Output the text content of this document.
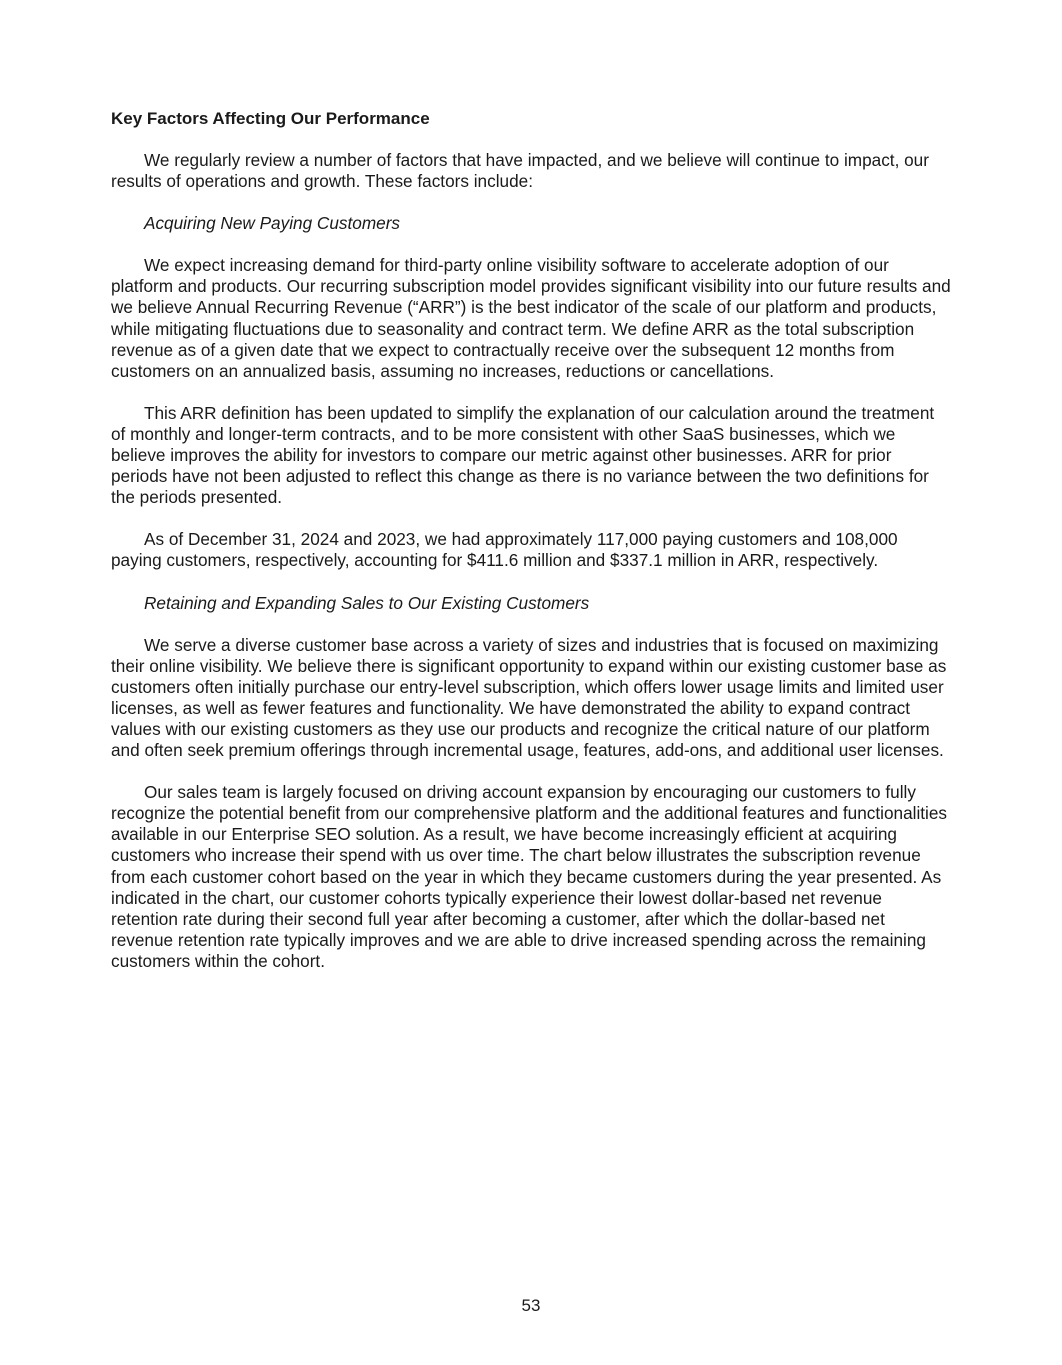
Key Factors Affecting Our Performance

We regularly review a number of factors that have impacted, and we believe will continue to impact, our results of operations and growth. These factors include:

Acquiring New Paying Customers

We expect increasing demand for third-party online visibility software to accelerate adoption of our platform and products. Our recurring subscription model provides significant visibility into our future results and we believe Annual Recurring Revenue (“ARR”) is the best indicator of the scale of our platform and products, while mitigating fluctuations due to seasonality and contract term. We define ARR as the total subscription revenue as of a given date that we expect to contractually receive over the subsequent 12 months from customers on an annualized basis, assuming no increases, reductions or cancellations.

This ARR definition has been updated to simplify the explanation of our calculation around the treatment of monthly and longer-term contracts, and to be more consistent with other SaaS businesses, which we believe improves the ability for investors to compare our metric against other businesses. ARR for prior periods have not been adjusted to reflect this change as there is no variance between the two definitions for the periods presented.

As of December 31, 2024 and 2023, we had approximately 117,000 paying customers and 108,000 paying customers, respectively, accounting for $411.6 million and $337.1 million in ARR, respectively.

Retaining and Expanding Sales to Our Existing Customers

We serve a diverse customer base across a variety of sizes and industries that is focused on maximizing their online visibility. We believe there is significant opportunity to expand within our existing customer base as customers often initially purchase our entry-level subscription, which offers lower usage limits and limited user licenses, as well as fewer features and functionality. We have demonstrated the ability to expand contract values with our existing customers as they use our products and recognize the critical nature of our platform and often seek premium offerings through incremental usage, features, add-ons, and additional user licenses.

Our sales team is largely focused on driving account expansion by encouraging our customers to fully recognize the potential benefit from our comprehensive platform and the additional features and functionalities available in our Enterprise SEO solution. As a result, we have become increasingly efficient at acquiring customers who increase their spend with us over time. The chart below illustrates the subscription revenue from each customer cohort based on the year in which they became customers during the year presented. As indicated in the chart, our customer cohorts typically experience their lowest dollar-based net revenue retention rate during their second full year after becoming a customer, after which the dollar-based net revenue retention rate typically improves and we are able to drive increased spending across the remaining customers within the cohort.

53
